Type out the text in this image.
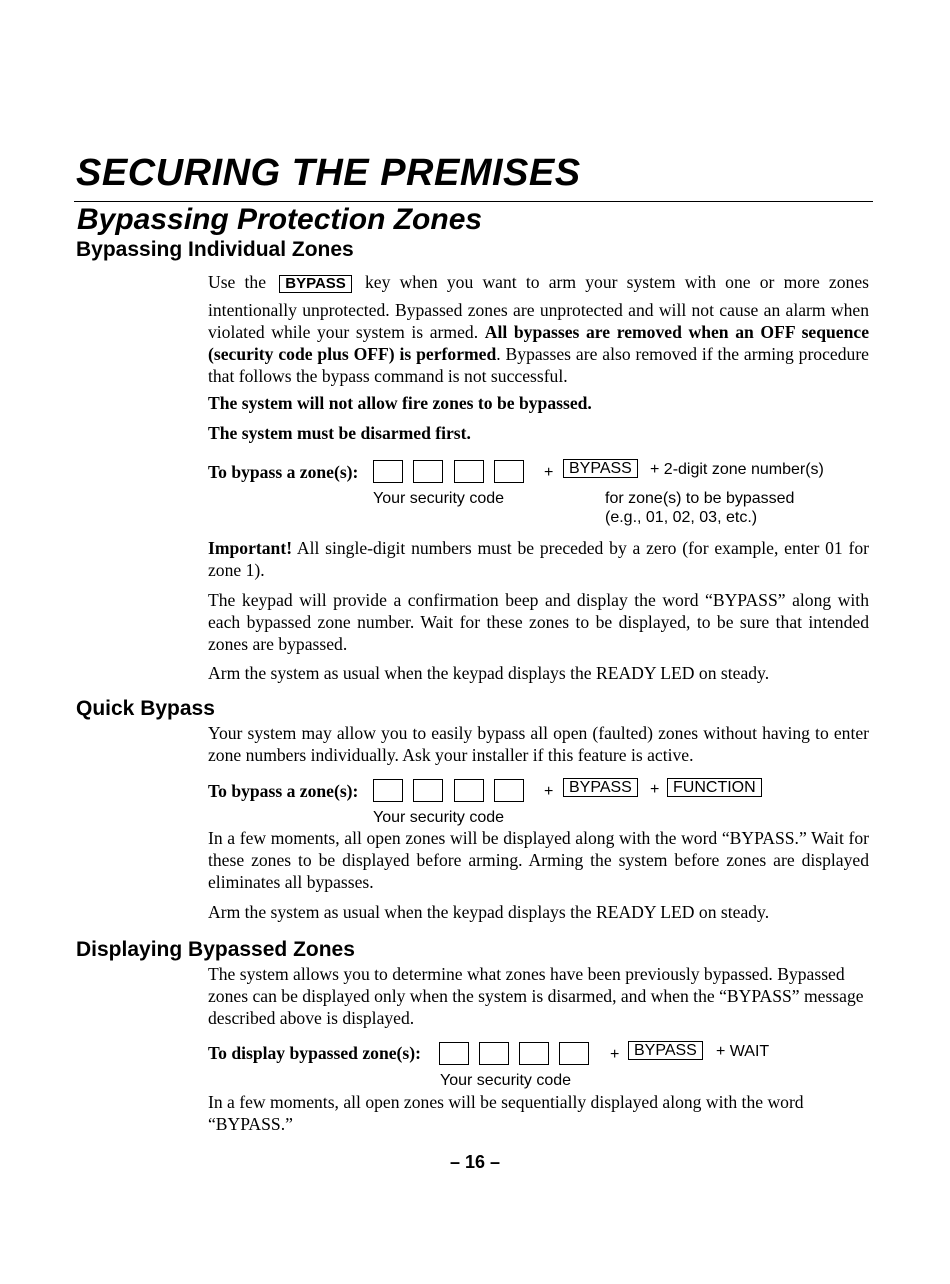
SECURING THE PREMISES
Bypassing Protection Zones
Bypassing Individual Zones
Use the BYPASS key when you want to arm your system with one or more zones
intentionally unprotected. Bypassed zones are unprotected and will not cause an alarm when violated while your system is armed. All bypasses are removed when an OFF sequence (security code plus OFF) is performed. Bypasses are also removed if the arming procedure that follows the bypass command is not successful.
The system will not allow fire zones to be bypassed.
The system must be disarmed first.
To bypass a zone(s):	+ BYPASS	+ 2-digit zone number(s)
Your security code	for zone(s) to be bypassed
(e.g., 01, 02, 03, etc.)
Important! All single-digit numbers must be preceded by a zero (for example, enter 01 for zone 1).
The keypad will provide a confirmation beep and display the word “BYPASS” along with each bypassed zone number. Wait for these zones to be displayed, to be sure that intended zones are bypassed.
Arm the system as usual when the keypad displays the READY LED on steady.
Quick Bypass
Your system may allow you to easily bypass all open (faulted) zones without having to enter zone numbers individually. Ask your installer if this feature is active.
To bypass a zone(s):	+ BYPASS	+ FUNCTION
Your security code
In a few moments, all open zones will be displayed along with the word “BYPASS.” Wait for these zones to be displayed before arming. Arming the system before zones are displayed eliminates all bypasses.
Arm the system as usual when the keypad displays the READY LED on steady.
Displaying Bypassed Zones
The system allows you to determine what zones have been previously bypassed. Bypassed zones can be displayed only when the system is disarmed, and when the “BYPASS” message described above is displayed.
To display bypassed zone(s):	+ BYPASS	+ WAIT
Your security code
In a few moments, all open zones will be sequentially displayed along with the word “BYPASS.”
– 16 –
